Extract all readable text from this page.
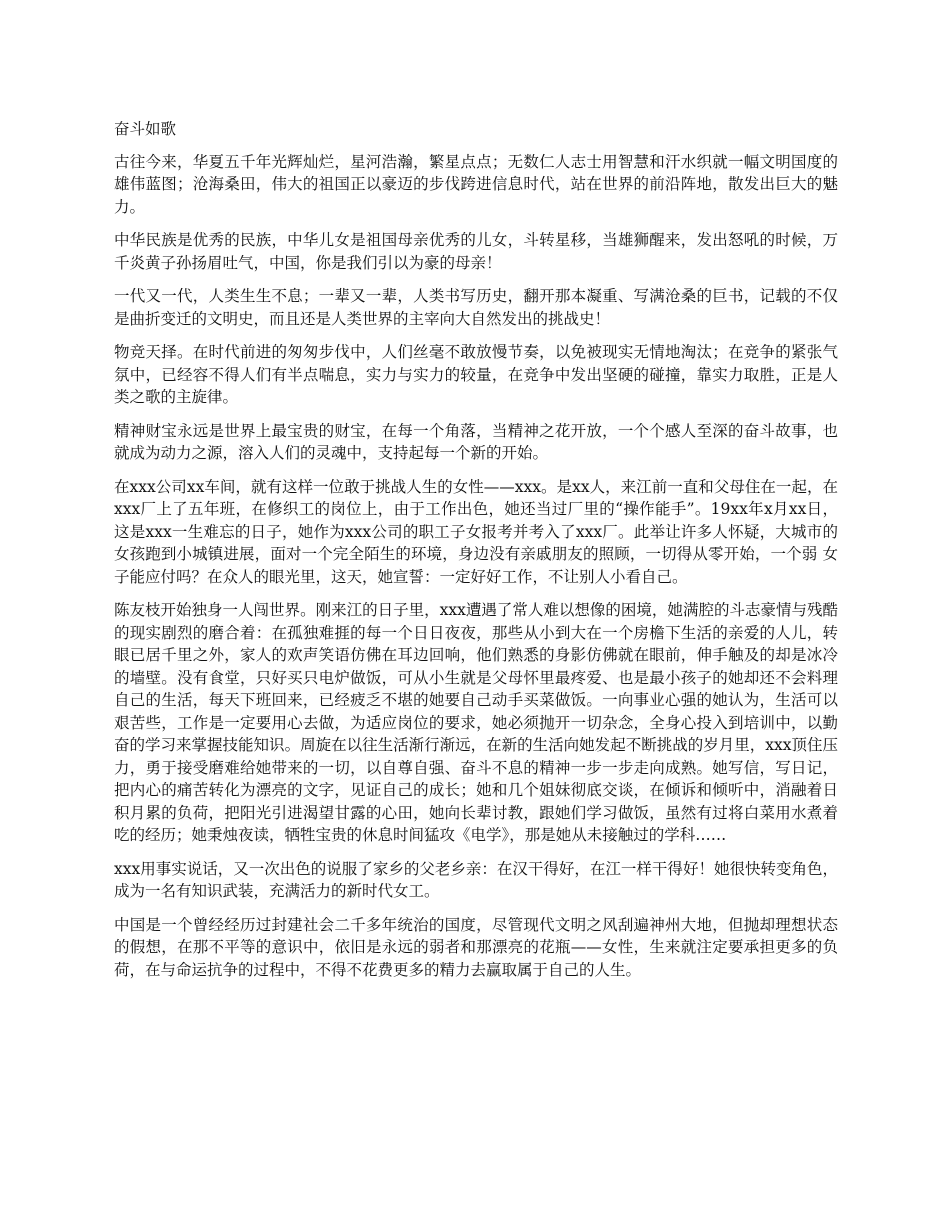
奋斗如歌

古往今来，华夏五千年光辉灿烂，星河浩瀚，繁星点点；无数仁人志士用智慧和汗水织就一幅文明国度的雄伟蓝图；沧海桑田，伟大的祖国正以豪迈的步伐跨进信息时代，站在世界的前沿阵地，散发出巨大的魅力。

中华民族是优秀的民族，中华儿女是祖国母亲优秀的儿女，斗转星移，当雄狮醒来，发出怒吼的时候，万千炎黄子孙扬眉吐气，中国，你是我们引以为豪的母亲！

一代又一代，人类生生不息；一辈又一辈，人类书写历史，翻开那本凝重、写满沧桑的巨书，记载的不仅是曲折变迁的文明史，而且还是人类世界的主宰向大自然发出的挑战史！

物竞天择。在时代前进的匆匆步伐中，人们丝毫不敢放慢节奏，以免被现实无情地淘汰；在竞争的紧张气氛中，已经容不得人们有半点喘息，实力与实力的较量，在竞争中发出坚硬的碰撞，靠实力取胜，正是人类之歌的主旋律。

精神财宝永远是世界上最宝贵的财宝，在每一个角落，当精神之花开放，一个个感人至深的奋斗故事，也就成为动力之源，溶入人们的灵魂中，支持起每一个新的开始。

在xxx公司xx车间，就有这样一位敢于挑战人生的女性——xxx。是xx人，来江前一直和父母住在一起，在xxx厂上了五年班，在修织工的岗位上，由于工作出色，她还当过厂里的“操作能手”。19xx年x月xx日，这是xxx一生难忘的日子，她作为xxx公司的职工子女报考并考入了xxx厂。此举让许多人怀疑，大城市的女孩跑到小城镇进展，面对一个完全陌生的环境，身边没有亲戚朋友的照顾，一切得从零开始，一个弱 女子能应付吗？在众人的眼光里，这天，她宣誓：一定好好工作，不让别人小看自己。

陈友枝开始独身一人闯世界。刚来江的日子里，xxx遭遇了常人难以想像的困境，她满腔的斗志豪情与残酷的现实剧烈的磨合着：在孤独难捱的每一个日日夜夜，那些从小到大在一个房檐下生活的亲爱的人儿，转眼已居千里之外，家人的欢声笑语仿佛在耳边回响，他们熟悉的身影仿佛就在眼前，伸手触及的却是冰冷的墙壁。没有食堂，只好买只电炉做饭，可从小生就是父母怀里最疼爱、也是最小孩子的她却还不会料理自己的生活，每天下班回来，已经疲乏不堪的她要自己动手买菜做饭。一向事业心强的她认为，生活可以艰苦些，工作是一定要用心去做，为适应岗位的要求，她必须抛开一切杂念，全身心投入到培训中，以勤奋的学习来掌握技能知识。周旋在以往生活渐行渐远，在新的生活向她发起不断挑战的岁月里，xxx顶住压力，勇于接受磨难给她带来的一切，以自尊自强、奋斗不息的精神一步一步走向成熟。她写信，写日记，把内心的痛苦转化为漂亮的文字，见证自己的成长；她和几个姐妹彻底交谈，在倾诉和倾听中，消融着日积月累的负荷，把阳光引进渴望甘露的心田，她向长辈讨教，跟她们学习做饭，虽然有过将白菜用水煮着吃的经历；她秉烛夜读，牺牲宝贵的休息时间猛攻《电学》，那是她从未接触过的学科……

xxx用事实说话，又一次出色的说服了家乡的父老乡亲：在汉干得好，在江一样干得好！她很快转变角色，成为一名有知识武装，充满活力的新时代女工。

中国是一个曾经经历过封建社会二千多年统治的国度，尽管现代文明之风刮遍神州大地，但抛却理想状态的假想，在那不平等的意识中，依旧是永远的弱者和那漂亮的花瓶——女性，生来就注定要承担更多的负荷，在与命运抗争的过程中，不得不花费更多的精力去赢取属于自己的人生。
